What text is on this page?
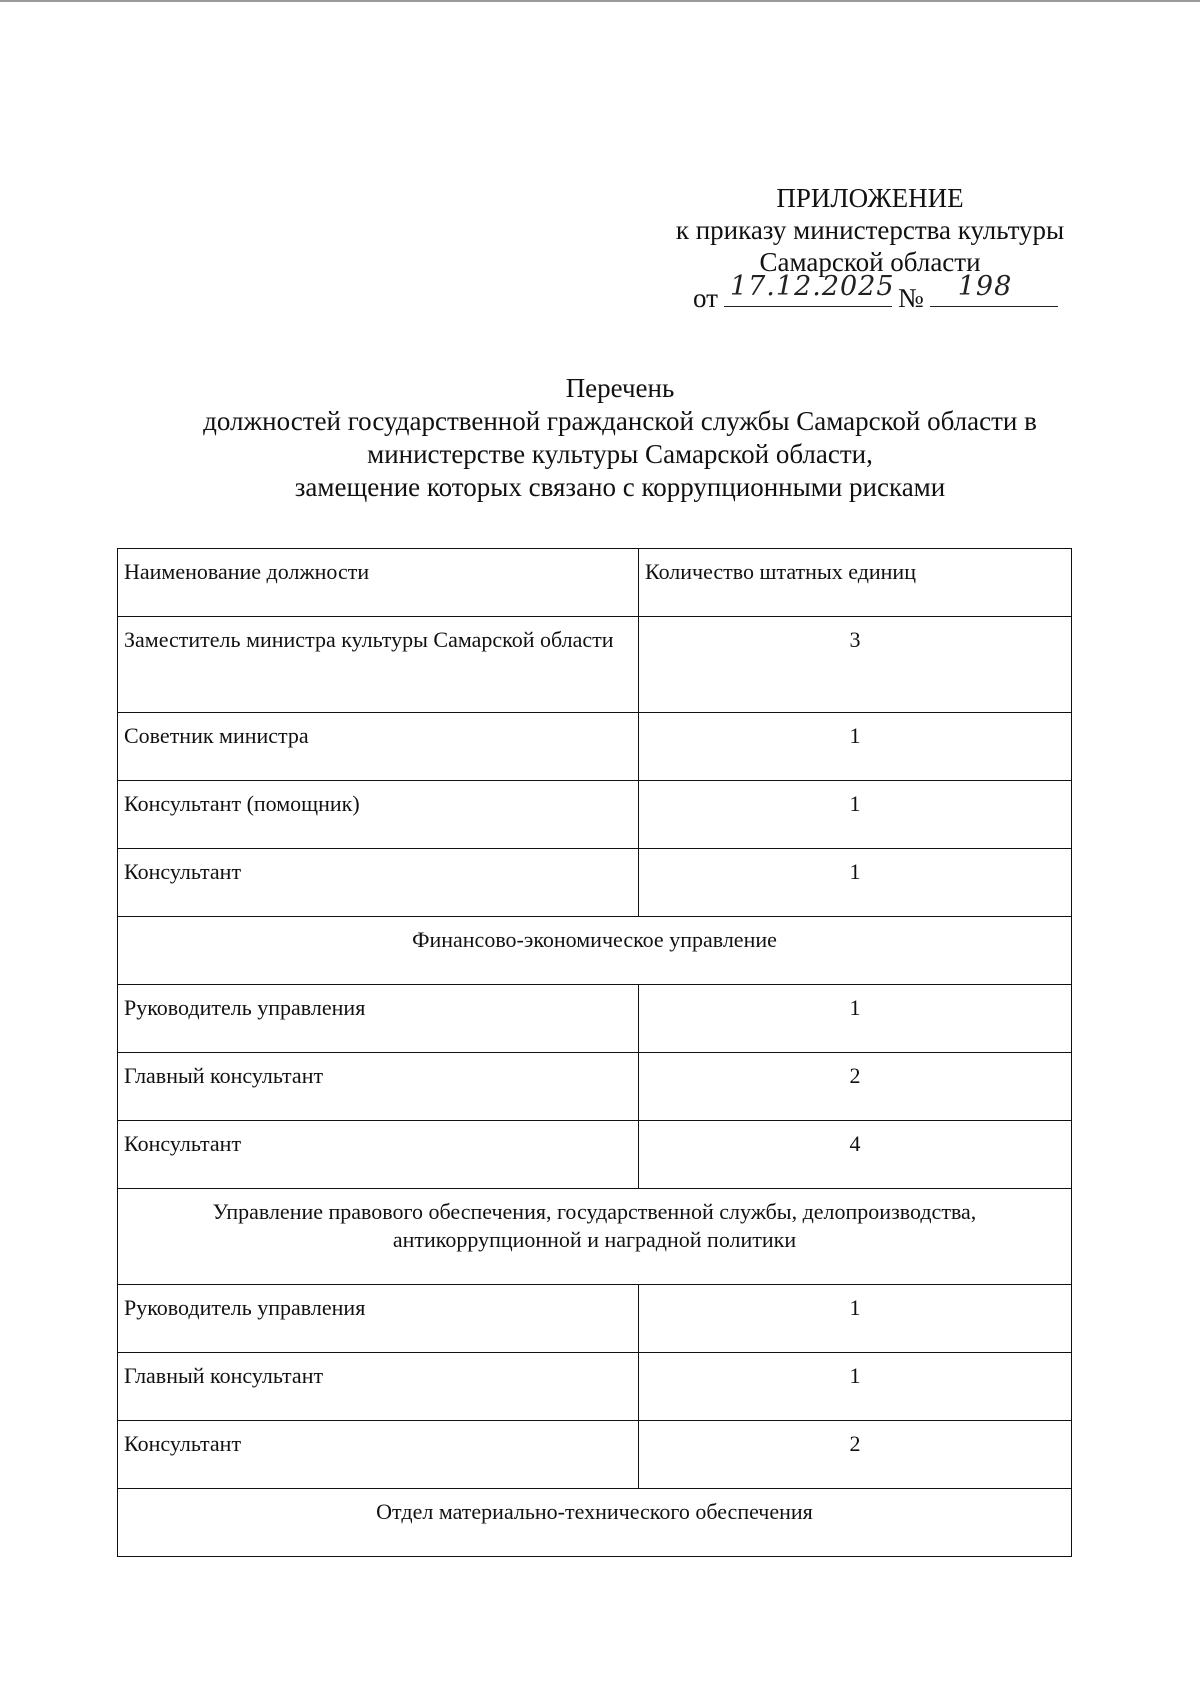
ПРИЛОЖЕНИЕ
к приказу министерства культуры
Самарской области
от 17.12.2025 № 198
Перечень
должностей государственной гражданской службы Самарской области в
министерстве культуры Самарской области,
замещение которых связано с коррупционными рисками
Наименование должности	Количество штатных единиц
Заместитель министра культуры Самарской области	3
Советник министра	1
Консультант (помощник)	1
Консультант	1
Финансово-экономическое управление	
Руководитель управления	1
Главный консультант	2
Консультант	4
Управление правового обеспечения, государственной службы, делопроизводства, антикоррупционной и наградной политики	
Руководитель управления	1
Главный консультант	1
Консультант	2
Отдел материально-технического обеспечения	
